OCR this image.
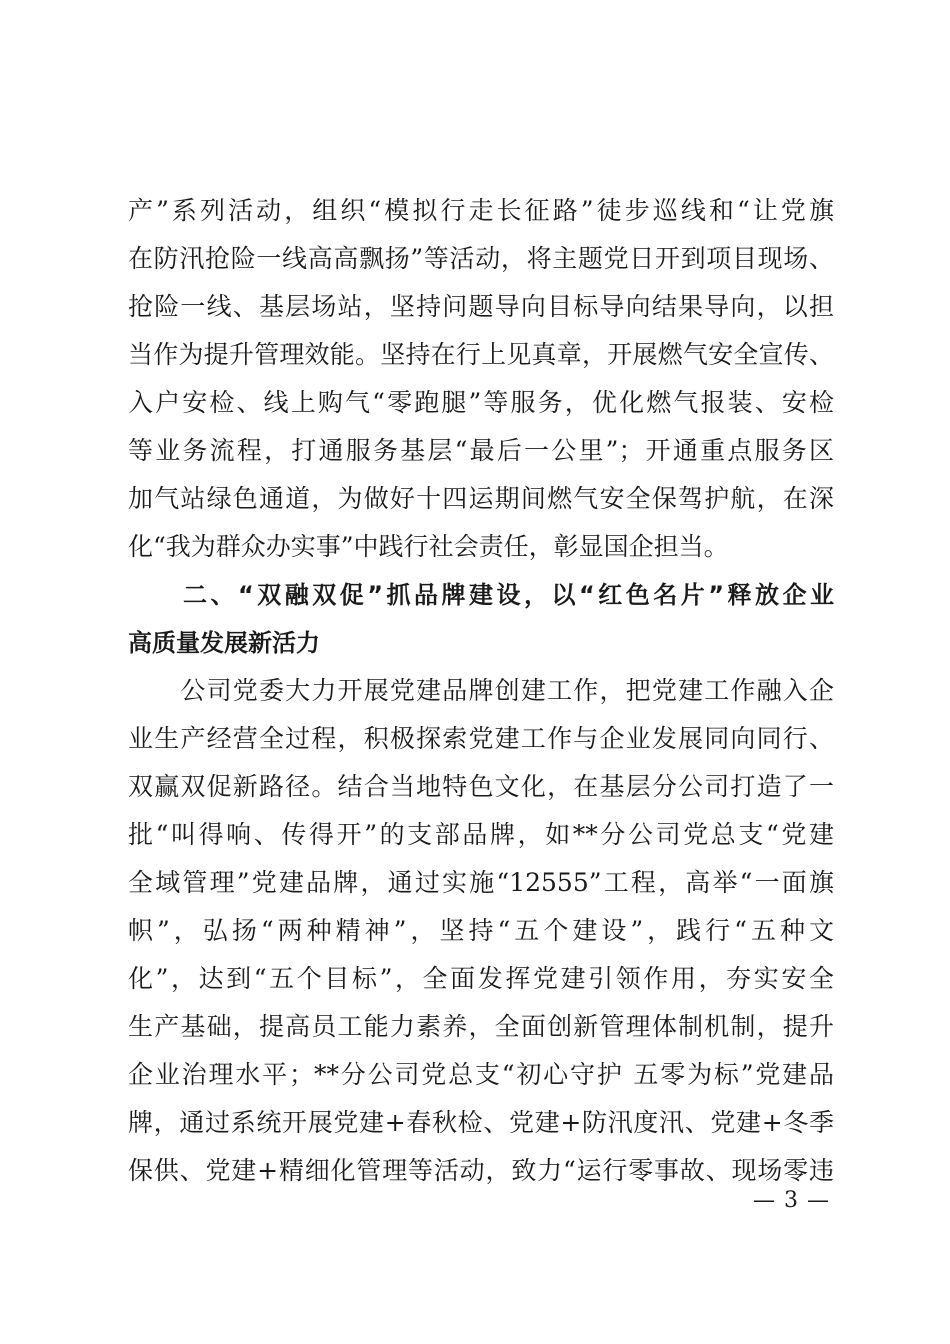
产”系列活动，组织“模拟行走长征路”徒步巡线和“让党旗
在防汛抢险一线高高飘扬”等活动，将主题党日开到项目现场、
抢险一线、基层场站，坚持问题导向目标导向结果导向，以担
当作为提升管理效能。坚持在行上见真章，开展燃气安全宣传、
入户安检、线上购气“零跑腿”等服务，优化燃气报装、安检
等业务流程，打通服务基层“最后一公里”；开通重点服务区
加气站绿色通道，为做好十四运期间燃气安全保驾护航，在深
化“我为群众办实事”中践行社会责任，彰显国企担当。
　　二、“双融双促”抓品牌建设，以“红色名片”释放企业
高质量发展新活力
　　公司党委大力开展党建品牌创建工作，把党建工作融入企
业生产经营全过程，积极探索党建工作与企业发展同向同行、
双赢双促新路径。结合当地特色文化，在基层分公司打造了一
批“叫得响、传得开”的支部品牌，如**分公司党总支“党建
全域管理”党建品牌，通过实施“12555”工程，高举“一面旗
帜”，弘扬“两种精神”，坚持“五个建设”，践行“五种文
化”，达到“五个目标”，全面发挥党建引领作用，夯实安全
生产基础，提高员工能力素养，全面创新管理体制机制，提升
企业治理水平；**分公司党总支“初心守护 五零为标”党建品
牌，通过系统开展党建+春秋检、党建+防汛度汛、党建+冬季
保供、党建+精细化管理等活动，致力“运行零事故、现场零违
— 3 —
